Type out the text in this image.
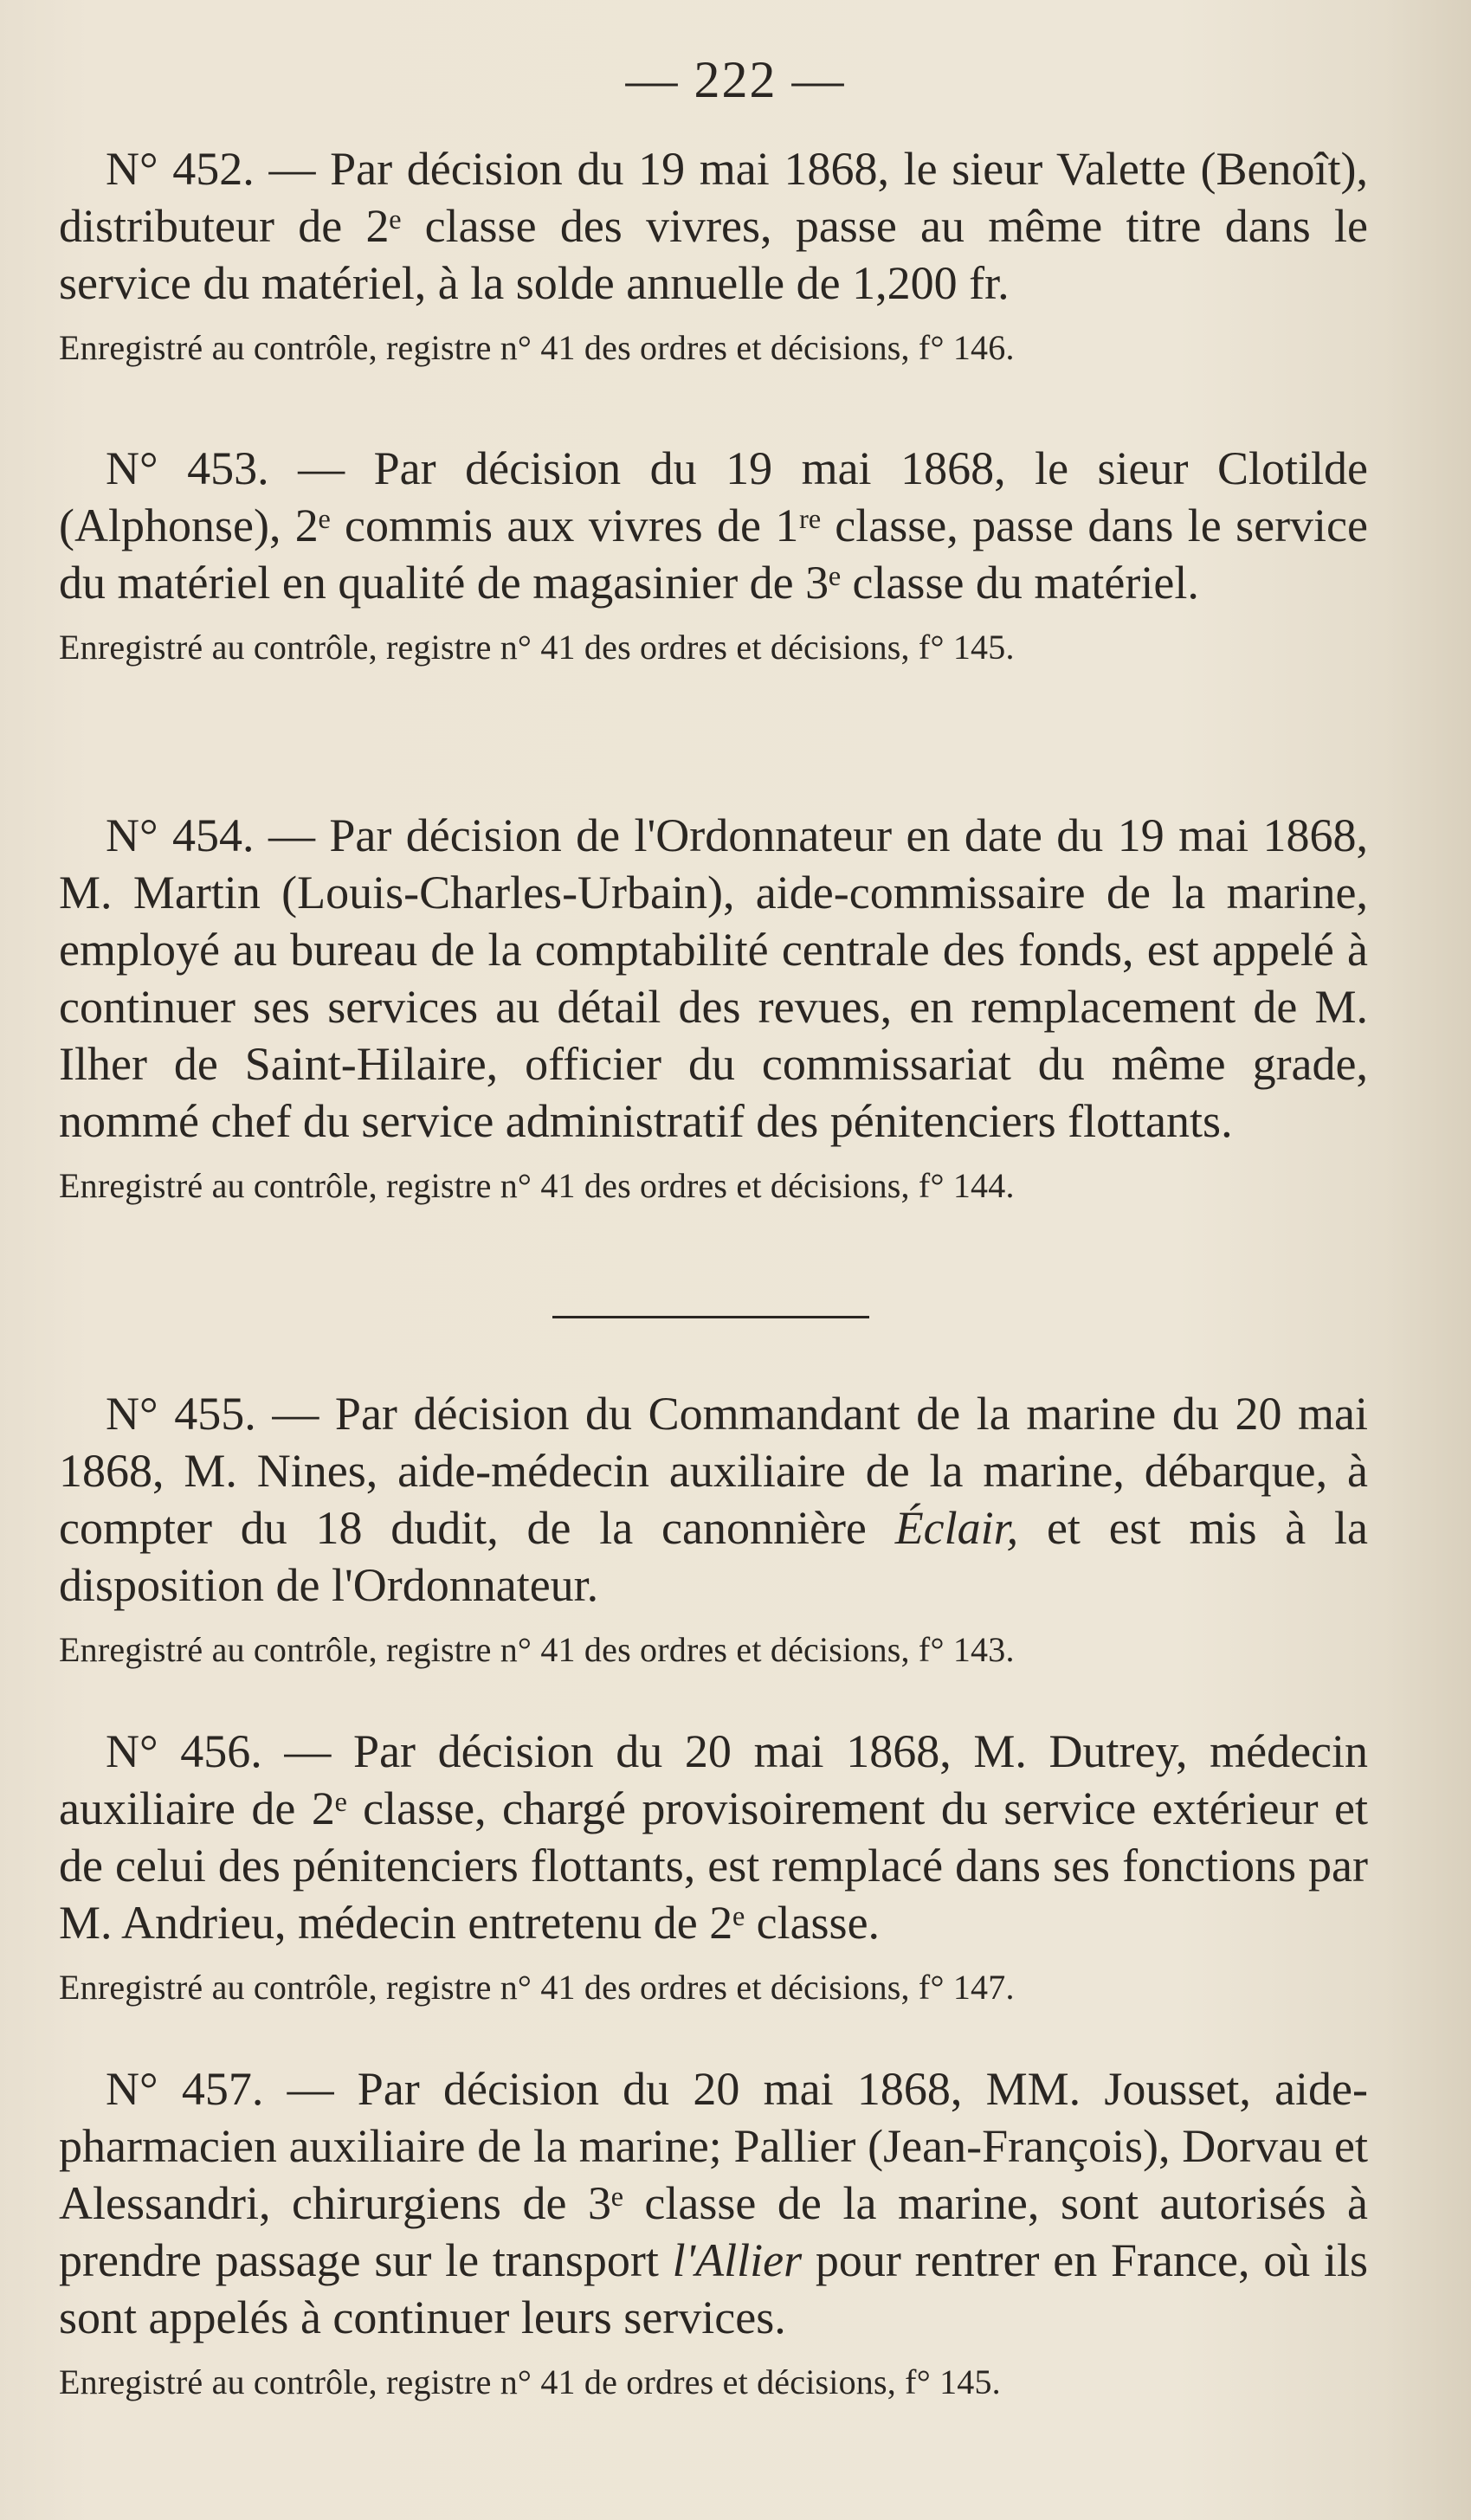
— 222 —

N° 452. — Par décision du 19 mai 1868, le sieur Valette (Benoît), distributeur de 2ᵉ classe des vivres, passe au même titre dans le service du matériel, à la solde annuelle de 1,200 fr.

Enregistré au contrôle, registre n° 41 des ordres et décisions, f° 146.

N° 453. — Par décision du 19 mai 1868, le sieur Clotilde (Alphonse), 2ᵉ commis aux vivres de 1ʳᵉ classe, passe dans le service du matériel en qualité de magasinier de 3ᵉ classe du matériel.

Enregistré au contrôle, registre n° 41 des ordres et décisions, f° 145.

N° 454. — Par décision de l'Ordonnateur en date du 19 mai 1868, M. Martin (Louis-Charles-Urbain), aide-commissaire de la marine, employé au bureau de la comptabilité centrale des fonds, est appelé à continuer ses services au détail des revues, en remplacement de M. Ilher de Saint-Hilaire, officier du commissariat du même grade, nommé chef du service administratif des pénitenciers flottants.

Enregistré au contrôle, registre n° 41 des ordres et décisions, f° 144.

N° 455. — Par décision du Commandant de la marine du 20 mai 1868, M. Nines, aide-médecin auxiliaire de la marine, débarque, à compter du 18 dudit, de la canonnière Éclair, et est mis à la disposition de l'Ordonnateur.

Enregistré au contrôle, registre n° 41 des ordres et décisions, f° 143.

N° 456. — Par décision du 20 mai 1868, M. Dutrey, médecin auxiliaire de 2ᵉ classe, chargé provisoirement du service extérieur et de celui des pénitenciers flottants, est remplacé dans ses fonctions par M. Andrieu, médecin entretenu de 2ᵉ classe.

Enregistré au contrôle, registre n° 41 des ordres et décisions, f° 147.

N° 457. — Par décision du 20 mai 1868, MM. Jousset, aide-pharmacien auxiliaire de la marine; Pallier (Jean-François), Dorvau et Alessandri, chirurgiens de 3ᵉ classe de la marine, sont autorisés à prendre passage sur le transport l'Allier pour rentrer en France, où ils sont appelés à continuer leurs services.

Enregistré au contrôle, registre n° 41 de ordres et décisions, f° 145.
